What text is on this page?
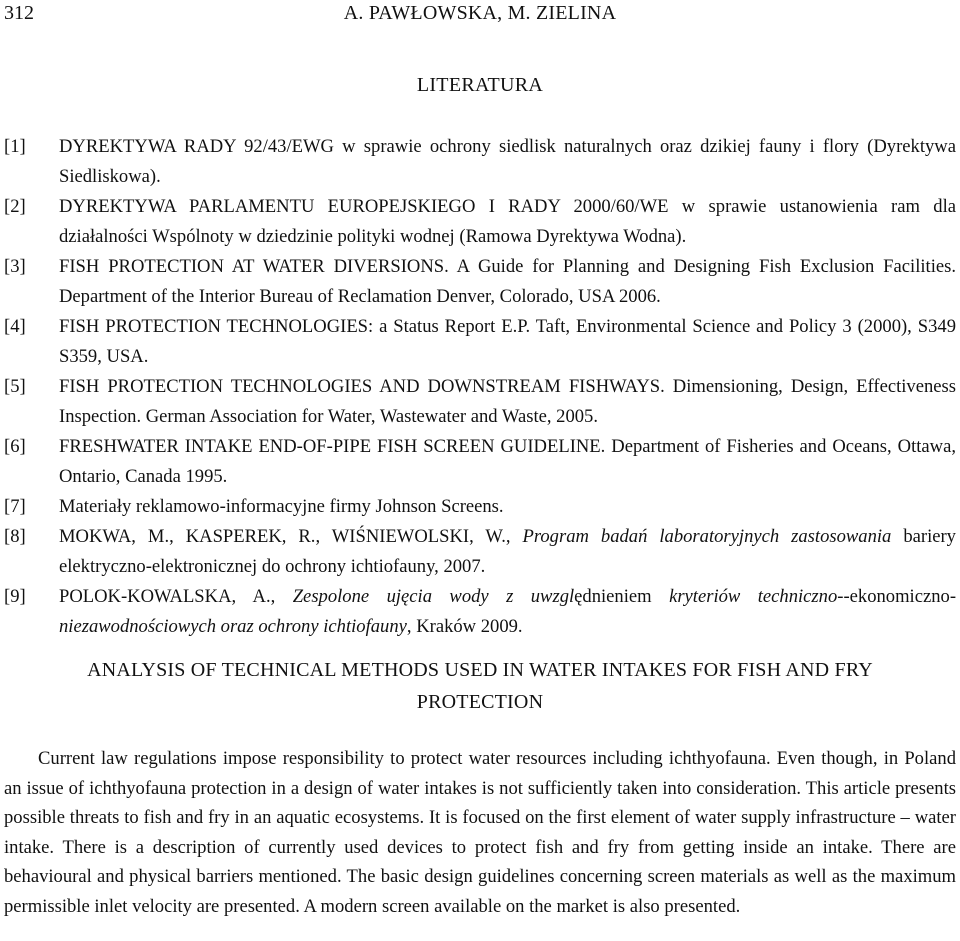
312	A. PAWŁOWSKA, M. ZIELINA
LITERATURA
[1] DYREKTYWA RADY 92/43/EWG w sprawie ochrony siedlisk naturalnych oraz dzikiej fauny i flory (Dyrektywa Siedliskowa).
[2] DYREKTYWA PARLAMENTU EUROPEJSKIEGO I RADY 2000/60/WE w sprawie ustanowienia ram dla działalności Wspólnoty w dziedzinie polityki wodnej (Ramowa Dyrektywa Wodna).
[3] FISH PROTECTION AT WATER DIVERSIONS. A Guide for Planning and Designing Fish Exclusion Facilities. Department of the Interior Bureau of Reclamation Denver, Colorado, USA 2006.
[4] FISH PROTECTION TECHNOLOGIES: a Status Report E.P. Taft, Environmental Science and Policy 3 (2000), S349 S359, USA.
[5] FISH PROTECTION TECHNOLOGIES AND DOWNSTREAM FISHWAYS. Dimensioning, Design, Effectiveness Inspection. German Association for Water, Wastewater and Waste, 2005.
[6] FRESHWATER INTAKE END-OF-PIPE FISH SCREEN GUIDELINE. Department of Fisheries and Oceans, Ottawa, Ontario, Canada 1995.
[7] Materiały reklamowo-informacyjne firmy Johnson Screens.
[8] MOKWA, M., KASPEREK, R., WIŚNIEWOLSKI, W., Program badań laboratoryjnych zastosowania bariery elektryczno-elektronicznej do ochrony ichtiofauny, 2007.
[9] POLOK-KOWALSKA, A., Zespolone ujęcia wody z uwzględnieniem kryteriów techniczno--ekonomiczno-niezawodnościowych oraz ochrony ichtiofauny, Kraków 2009.
ANALYSIS OF TECHNICAL METHODS USED IN WATER INTAKES FOR FISH AND FRY PROTECTION

Current law regulations impose responsibility to protect water resources including ichthyofauna. Even though, in Poland an issue of ichthyofauna protection in a design of water intakes is not sufficiently taken into consideration. This article presents possible threats to fish and fry in an aquatic ecosystems. It is focused on the first element of water supply infrastructure – water intake. There is a description of currently used devices to protect fish and fry from getting inside an intake. There are behavioural and physical barriers mentioned. The basic design guidelines concerning screen materials as well as the maximum permissible inlet velocity are presented. A modern screen available on the market is also presented.
